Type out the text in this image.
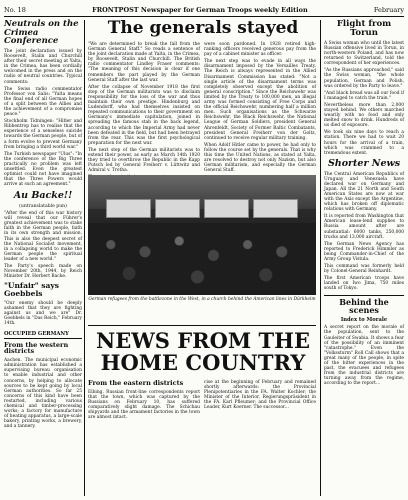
No. 18	FRONTPOST Newspaper for German Troops weekly Edition	February
Neutrals on the Crimea Conference

The joint declaration issued by Roosevelt, Stalin and Churchill after their secret meeting at Yalta, in the Crimea, has been cordially welcomed in the press and on the radio of neutral countries. Typical comments:

The Swiss radio commentator Professor von Salis: "Yalta means the final end of all German hopes of a split between the Allies and the achievement of a compromise peace."

Stockholm Tidningen: "Hitler and Ribbentrop has to realise that the experience of a senseless suicide towards the German people, but of a form evolve to prevent Germany from bringing a third world war."

The Turkish newspaper "Ulus": "In the conference of the Big Three practically no problem was left unsettled. Even the greatest optimist could not have imagined that the Three Powers would arrive at such an agreement."

Au Backe!!
(untranslatable pun)

"After the end of this war history will reveal that our Führer's greatest achievement was to stake faith in the German people, faith in its own strength and mission. This is also the deepest secret of the National Socialist movement, in a collapsing world to make the German people the spiritual leader of a new world."

The Party's speech made on November 20th, 1944, by Reich Minister Dr. Herbert Backe.

"Unfair" says Goebbels

"Our enemy should be deeply ashamed that they are fighting against us and we are" Dr. Goebbels in "Das Reich," February 14th.

OCCUPIED GERMANY
From the western districts

Aachen. The municipal economic administration has established a supervising bureau organisation to enable industrial and other concerns, by helping to allocate sources to be kept going by local German authorities. So far 25 concerns of this kind have been restarted, including various chemical and timber-processing works; a factory for manufacture of heating apparatus, a large-scale bakery, printing works, a brewery, and a tannery.

The generals stayed

"We are determined to break the fall from the German General Staff." So reads a sentence of the joint declaration made at Yalta, in the Crimea, by Roosevelt, Stalin and Churchill. The British radio commentator Lindley Fraser comments: "The meaning of this decision is clear if one remembers the part played by the German General Staff after the last war.

After the collapse of November 1918 the first step of the German militarists was to disclaim responsibility for the loss of the war and thus maintain their own prestige. Hindenburg and Ludendorff, who had themselves insisted on repeated communications to their government on Germany's immediate capitulation, joined in spreading the famous stab in the back legend, according to which the Imperial Army had never been defeated in the field, but had been betrayed from the rear. This was the first psychological preparation for the next war.

The next step of the German militarists was to extend their power, as early as March 14th 1920 they tried to overthrow the Republic in the Kapp Putsch led by General Freiherr v. Lüttwitz and Admiral v. Trotha.

were soon pardoned. In 1928 retired high-ranking officers received generous pay from the pay of a cabinet minister as officer.

The next step was to evade in all ways the disarmament imposed by the Versailles Treaty. The Reich is always represented in the Allied Disarmament Commission has stated: "Not a single article of the disarmament terms was completely observed except the abolition of general conscription." Since the Reichswehr was limited by the Treaty to 100,000 men, an illegal army was formed consisting of Free Corps and the official Reichswehr, numbering half a million men. Such organisations as the Schwarze Reichswehr, the Black Reichswehr, the National League of German Soldiers, president General Ahrenfeldt, Society of Former Baltic Combatants, president General Freiherr von der Goltz, continued to receive regular military training.

When Adolf Hitler came to power, he had only to follow the course set by the generals. That is why this time the United Nations, as stated at Yalta, are resolved to destroy not only Nazism, but also German militarism, and especially the German General Staff.

German refugees from the battlezone in the West, in a church behind the American lines in Dürkheim
NEWS FROM THE HOME COUNTRY
From the eastern districts

Elbing. Russian front-line correspondents report that the town, which was captured by the Russians on February 10, has suffered comparatively slight damage. The Schichau shipyards and the armament factories in the town are almost intact.

cise at the beginning of February and remained shortly afterwards: the Provincial Plenipotentiaries in the FA. Walter Kochler; the Minister of the Interior, Regierungspräsident in the FA. Karl Pfleumer; and the Provincial Office Leader, Kurt Koerner. The successor...

Flight from Torun

A Swiss woman who until the latest Russian offensive lived in Torun, in north-western Poland, and has now returned to Switzerland, told the correspondent of her experiences.

"As the Russians approached," said the Swiss woman, "the whole population, German and Polish, was ordered by the Party to leave."

"And black bread was all our food if I managed to catch the train."

Nevertheless more than 2,000 stayed behind. We others marched wearily with no food and only melted snow to drink. Hundreds of us died of exposure.

We took six nine days to reach a station. There we had to wait 20 hours for the arrival of a train, which was crammed to a tremendous extent.

Shorter News

The Central American Republics of Uruguay and Venezuela have declared war on Germany and Japan. All the 21 North and South American States are now at war with the Axis except the Argentine, which has broken off diplomatic relations with Germany.

It is reported from Washington that American lease-lend supplies to Russia amount after are substantial: 6000 tanks, 250,000 trucks and 13,000 aircraft.

The German News Agency has reported to Frederick Himmler as being Commander-in-Chief of the Army Group Vistula.

This command was formerly held by Colonel-General Reinhardt.

The first American troops have landed on Iwo Jima, 750 miles south of Tokyo.

Behind the scenes
Index to Morale

A secret report on the morale of the population, sent to the Gauleiter of Swabia. It shows a fear of the possibility of an imminent "catastrophe." Even the "Volkssturm" Roll Call shows that a great many of the people, in spite of the bitter experiences in the past, the evacuees and refugees from the industrial districts are turning away from the regime, according to the report...
